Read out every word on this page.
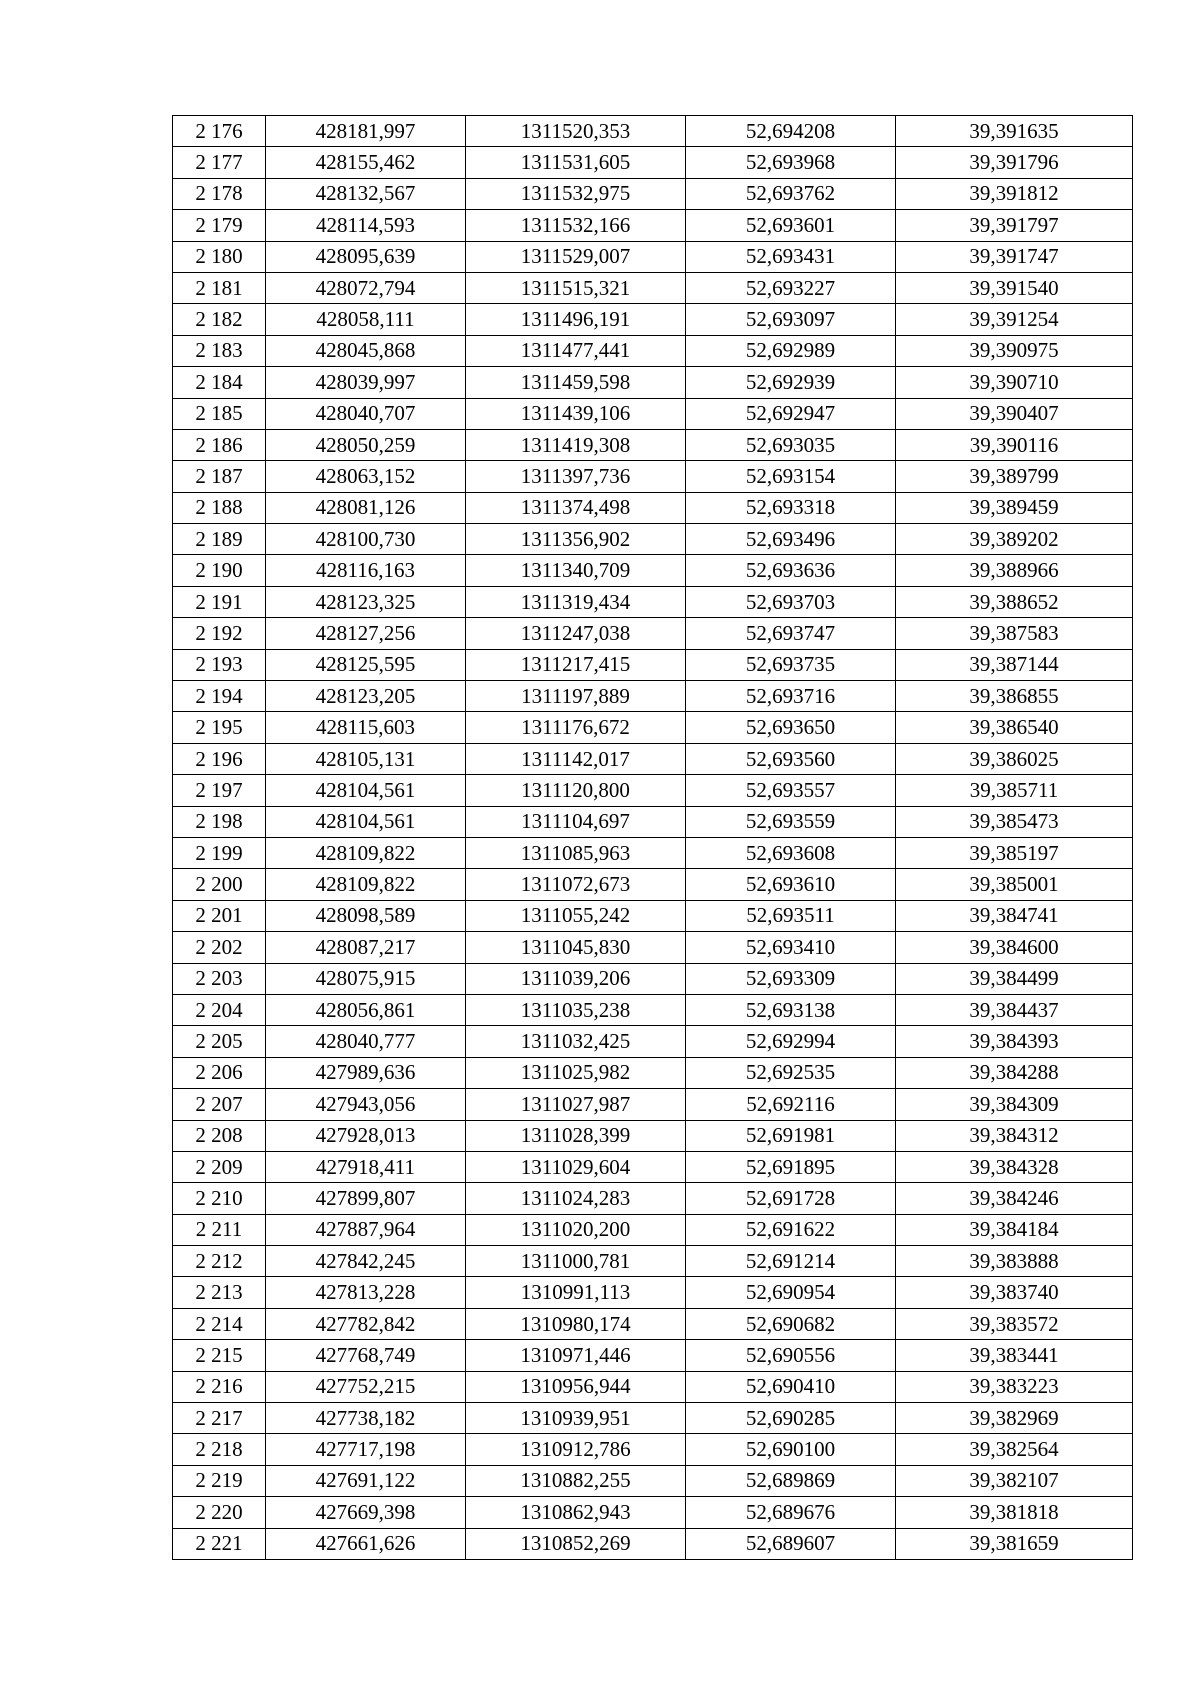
2 176	428181,997	1311520,353	52,694208	39,391635
2 177	428155,462	1311531,605	52,693968	39,391796
2 178	428132,567	1311532,975	52,693762	39,391812
2 179	428114,593	1311532,166	52,693601	39,391797
2 180	428095,639	1311529,007	52,693431	39,391747
2 181	428072,794	1311515,321	52,693227	39,391540
2 182	428058,111	1311496,191	52,693097	39,391254
2 183	428045,868	1311477,441	52,692989	39,390975
2 184	428039,997	1311459,598	52,692939	39,390710
2 185	428040,707	1311439,106	52,692947	39,390407
2 186	428050,259	1311419,308	52,693035	39,390116
2 187	428063,152	1311397,736	52,693154	39,389799
2 188	428081,126	1311374,498	52,693318	39,389459
2 189	428100,730	1311356,902	52,693496	39,389202
2 190	428116,163	1311340,709	52,693636	39,388966
2 191	428123,325	1311319,434	52,693703	39,388652
2 192	428127,256	1311247,038	52,693747	39,387583
2 193	428125,595	1311217,415	52,693735	39,387144
2 194	428123,205	1311197,889	52,693716	39,386855
2 195	428115,603	1311176,672	52,693650	39,386540
2 196	428105,131	1311142,017	52,693560	39,386025
2 197	428104,561	1311120,800	52,693557	39,385711
2 198	428104,561	1311104,697	52,693559	39,385473
2 199	428109,822	1311085,963	52,693608	39,385197
2 200	428109,822	1311072,673	52,693610	39,385001
2 201	428098,589	1311055,242	52,693511	39,384741
2 202	428087,217	1311045,830	52,693410	39,384600
2 203	428075,915	1311039,206	52,693309	39,384499
2 204	428056,861	1311035,238	52,693138	39,384437
2 205	428040,777	1311032,425	52,692994	39,384393
2 206	427989,636	1311025,982	52,692535	39,384288
2 207	427943,056	1311027,987	52,692116	39,384309
2 208	427928,013	1311028,399	52,691981	39,384312
2 209	427918,411	1311029,604	52,691895	39,384328
2 210	427899,807	1311024,283	52,691728	39,384246
2 211	427887,964	1311020,200	52,691622	39,384184
2 212	427842,245	1311000,781	52,691214	39,383888
2 213	427813,228	1310991,113	52,690954	39,383740
2 214	427782,842	1310980,174	52,690682	39,383572
2 215	427768,749	1310971,446	52,690556	39,383441
2 216	427752,215	1310956,944	52,690410	39,383223
2 217	427738,182	1310939,951	52,690285	39,382969
2 218	427717,198	1310912,786	52,690100	39,382564
2 219	427691,122	1310882,255	52,689869	39,382107
2 220	427669,398	1310862,943	52,689676	39,381818
2 221	427661,626	1310852,269	52,689607	39,381659
